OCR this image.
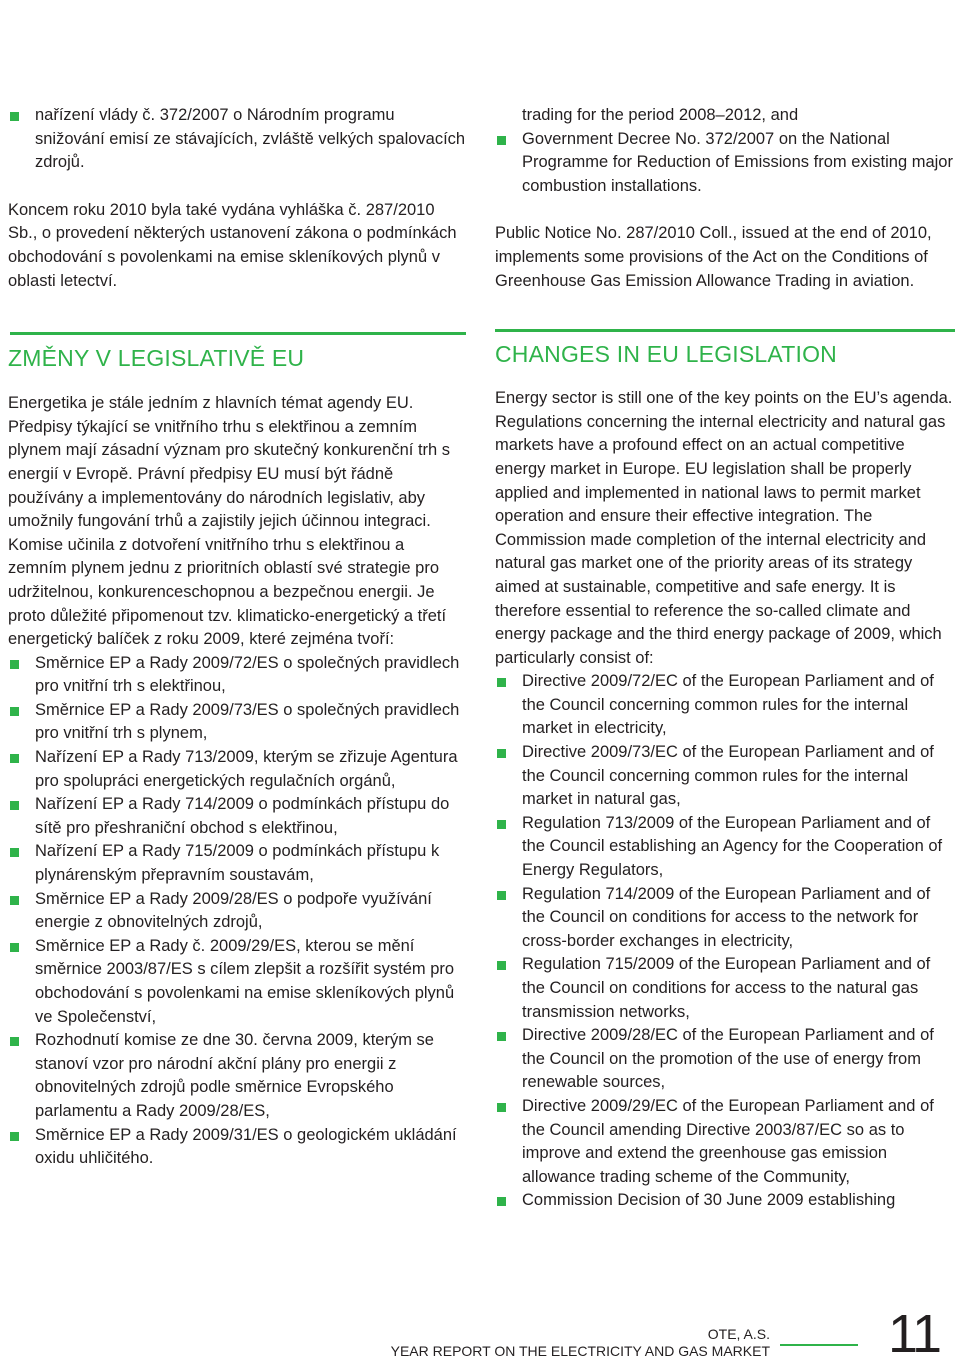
nařízení vlády č. 372/2007 o Národním programu snižování emisí ze stávajících, zvláště velkých spalovacích zdrojů.

Koncem roku 2010 byla také vydána vyhláška č. 287/2010 Sb., o provedení některých ustanovení zákona o podmínkách obchodování s povolenkami na emise skleníkových plynů v oblasti letectví.

ZMĚNY V LEGISLATIVĚ EU

Energetika je stále jedním z hlavních témat agendy EU. Předpisy týkající se vnitřního trhu s elektřinou a zemním plynem mají zásadní význam pro skutečný konkurenční trh s energií v Evropě. Právní předpisy EU musí být řádně používány a implementovány do národních legislativ, aby umožnily fungování trhů a zajistily jejich účinnou integraci. Komise učinila z dotvoření vnitřního trhu s elektřinou a zemním plynem jednu z prioritních oblastí své strategie pro udržitelnou, konkurenceschopnou a bezpečnou energii. Je proto důležité připomenout tzv. klimaticko-energetický a třetí energetický balíček z roku 2009, které zejména tvoří:

Směrnice EP a Rady 2009/72/ES o společných pravidlech pro vnitřní trh s elektřinou,
Směrnice EP a Rady 2009/73/ES o společných pravidlech pro vnitřní trh s plynem,
Nařízení EP a Rady 713/2009, kterým se zřizuje Agentura pro spolupráci energetických regulačních orgánů,
Nařízení EP a Rady 714/2009 o podmínkách přístupu do sítě pro přeshraniční obchod s elektřinou,
Nařízení EP a Rady 715/2009 o podmínkách přístupu k plynárenským přepravním soustavám,
Směrnice EP a Rady 2009/28/ES o podpoře využívání energie z obnovitelných zdrojů,
Směrnice EP a Rady č. 2009/29/ES, kterou se mění směrnice 2003/87/ES s cílem zlepšit a rozšířit systém pro obchodování s povolenkami na emise skleníkových plynů ve Společenství,
Rozhodnutí komise ze dne 30. června 2009, kterým se stanoví vzor pro národní akční plány pro energii z obnovitelných zdrojů podle směrnice Evropského parlamentu a Rady 2009/28/ES,
Směrnice EP a Rady 2009/31/ES o geologickém ukládání oxidu uhličitého.

trading for the period 2008–2012, and

Government Decree No. 372/2007 on the National Programme for Reduction of Emissions from existing major combustion installations.

Public Notice No. 287/2010 Coll., issued at the end of 2010, implements some provisions of the Act on the Conditions of Greenhouse Gas Emission Allowance Trading in aviation.

CHANGES IN EU LEGISLATION

Energy sector is still one of the key points on the EU’s agenda. Regulations concerning the internal electricity and natural gas markets have a profound effect on an actual competitive energy market in Europe. EU legislation shall be properly applied and implemented in national laws to permit market operation and ensure their effective integration. The Commission made completion of the internal electricity and natural gas market one of the priority areas of its strategy aimed at sustainable, competitive and safe energy. It is therefore essential to reference the so-called climate and energy package and the third energy package of 2009, which particularly consist of:

Directive 2009/72/EC of the European Parliament and of the Council concerning common rules for the internal market in electricity,
Directive 2009/73/EC of the European Parliament and of the Council concerning common rules for the internal market in natural gas,
Regulation 713/2009 of the European Parliament and of the Council establishing an Agency for the Cooperation of Energy Regulators,
Regulation 714/2009 of the European Parliament and of the Council on conditions for access to the network for cross-border exchanges in electricity,
Regulation 715/2009 of the European Parliament and of the Council on conditions for access to the natural gas transmission networks,
Directive 2009/28/EC of the European Parliament and of the Council on the promotion of the use of energy from renewable sources,
Directive 2009/29/EC of the European Parliament and of the Council amending Directive 2003/87/EC so as to improve and extend the greenhouse gas emission allowance trading scheme of the Community,
Commission Decision of 30 June 2009 establishing
OTE, A.S.
YEAR REPORT ON THE ELECTRICITY AND GAS MARKET 11
